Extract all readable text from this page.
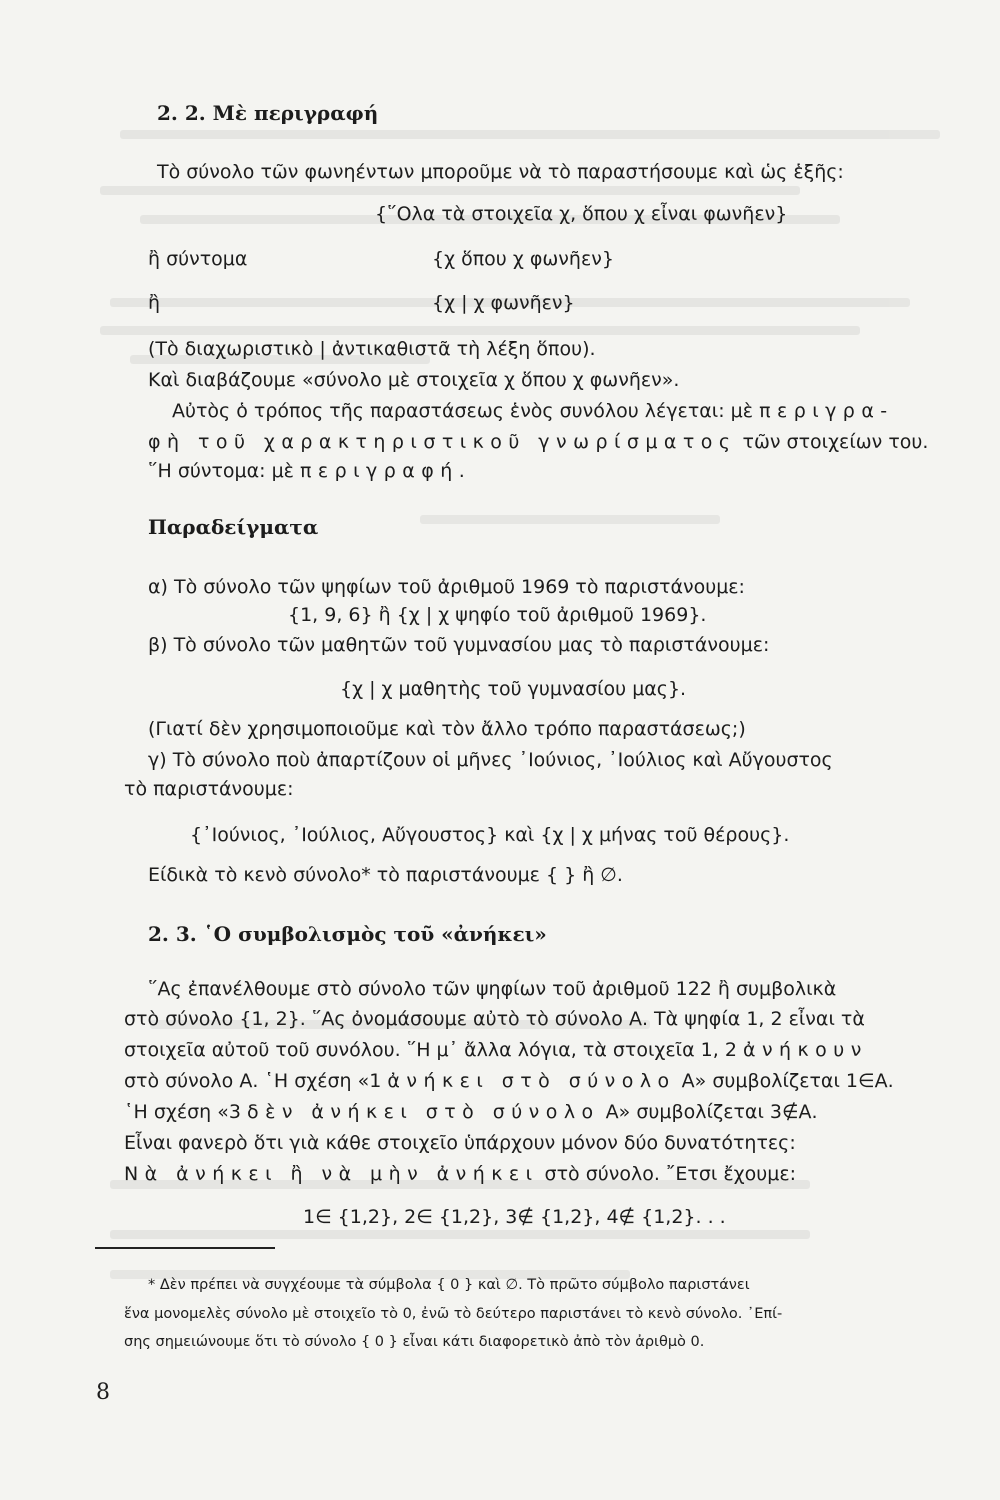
2. 2. Μὲ περιγραφή
Τὸ σύνολο τῶν φωνηέντων μποροῦμε νὰ τὸ παραστήσουμε καὶ ὡς ἑξῆς:
{῞Ολα τὰ στοιχεῖα χ, ὅπου χ εἶναι φωνῆεν}
ἢ σύντομα	{χ ὅπου χ φωνῆεν}
ἢ	{χ | χ φωνῆεν}
(Τὸ διαχωριστικὸ | ἀντικαθιστᾶ τὴ λέξη ὅπου).
Καὶ διαβάζουμε «σύνολο μὲ στοιχεῖα χ ὅπου χ φωνῆεν».
Αὐτὸς ὁ τρόπος τῆς παραστάσεως ἑνὸς συνόλου λέγεται: μὲ περιγρα-
φὴ τοῦ χαρακτηριστικοῦ γνωρίσματος τῶν στοιχείων του.
῞Η σύντομα: μὲ περιγραφή.
Παραδείγματα
α) Τὸ σύνολο τῶν ψηφίων τοῦ ἀριθμοῦ 1969 τὸ παριστάνουμε:
{1, 9, 6} ἢ {χ | χ ψηφίο τοῦ ἀριθμοῦ 1969}.
β) Τὸ σύνολο τῶν μαθητῶν τοῦ γυμνασίου μας τὸ παριστάνουμε:
{χ | χ μαθητὴς τοῦ γυμνασίου μας}.
(Γιατί δὲν χρησιμοποιοῦμε καὶ τὸν ἄλλο τρόπο παραστάσεως;)
γ) Τὸ σύνολο ποὺ ἀπαρτίζουν οἱ μῆνες ᾿Ιούνιος, ᾿Ιούλιος καὶ Αὔγουστος
τὸ παριστάνουμε:
{᾿Ιούνιος, ᾿Ιούλιος, Αὔγουστος} καὶ {χ | χ μήνας τοῦ θέρους}.
Είδικὰ τὸ κενὸ σύνολο* τὸ παριστάνουμε { } ἢ ∅.
2. 3. ῾Ο συμβολισμὸς τοῦ «ἀνήκει»
῞Ας ἐπανέλθουμε στὸ σύνολο τῶν ψηφίων τοῦ ἀριθμοῦ 122 ἢ συμβολικὰ
στὸ σύνολο {1, 2}. ῞Ας ὀνομάσουμε αὐτὸ τὸ σύνολο Α. Τὰ ψηφία 1, 2 εἶναι τὰ
στοιχεῖα αὐτοῦ τοῦ συνόλου. ῞Η μ᾿ ἄλλα λόγια, τὰ στοιχεῖα 1, 2 ἀνήκουν
στὸ σύνολο Α. ῾Η σχέση «1 ἀνήκει στὸ σύνολο Α» συμβολίζεται 1∈Α.
῾Η σχέση «3 δὲν ἀνήκει στὸ σύνολο Α» συμβολίζεται 3∉Α.
Εἶναι φανερὸ ὅτι γιὰ κάθε στοιχεῖο ὑπάρχουν μόνον δύο δυνατότητες:
Νὰ ἀνήκει ἢ νὰ μὴν ἀνήκει στὸ σύνολο. ῎Ετσι ἔχουμε:
1∈ {1,2}, 2∈ {1,2}, 3∉ {1,2}, 4∉ {1,2}. . .
* Δὲν πρέπει νὰ συγχέουμε τὰ σύμβολα { 0 } καὶ ∅. Τὸ πρῶτο σύμβολο παριστάνει
ἕνα μονομελὲς σύνολο μὲ στοιχεῖο τὸ 0, ἐνῶ τὸ δεύτερο παριστάνει τὸ κενὸ σύνολο. ᾿Επί-
σης σημειώνουμε ὅτι τὸ σύνολο { 0 } εἶναι κάτι διαφορετικὸ ἀπὸ τὸν ἀριθμὸ 0.
8
